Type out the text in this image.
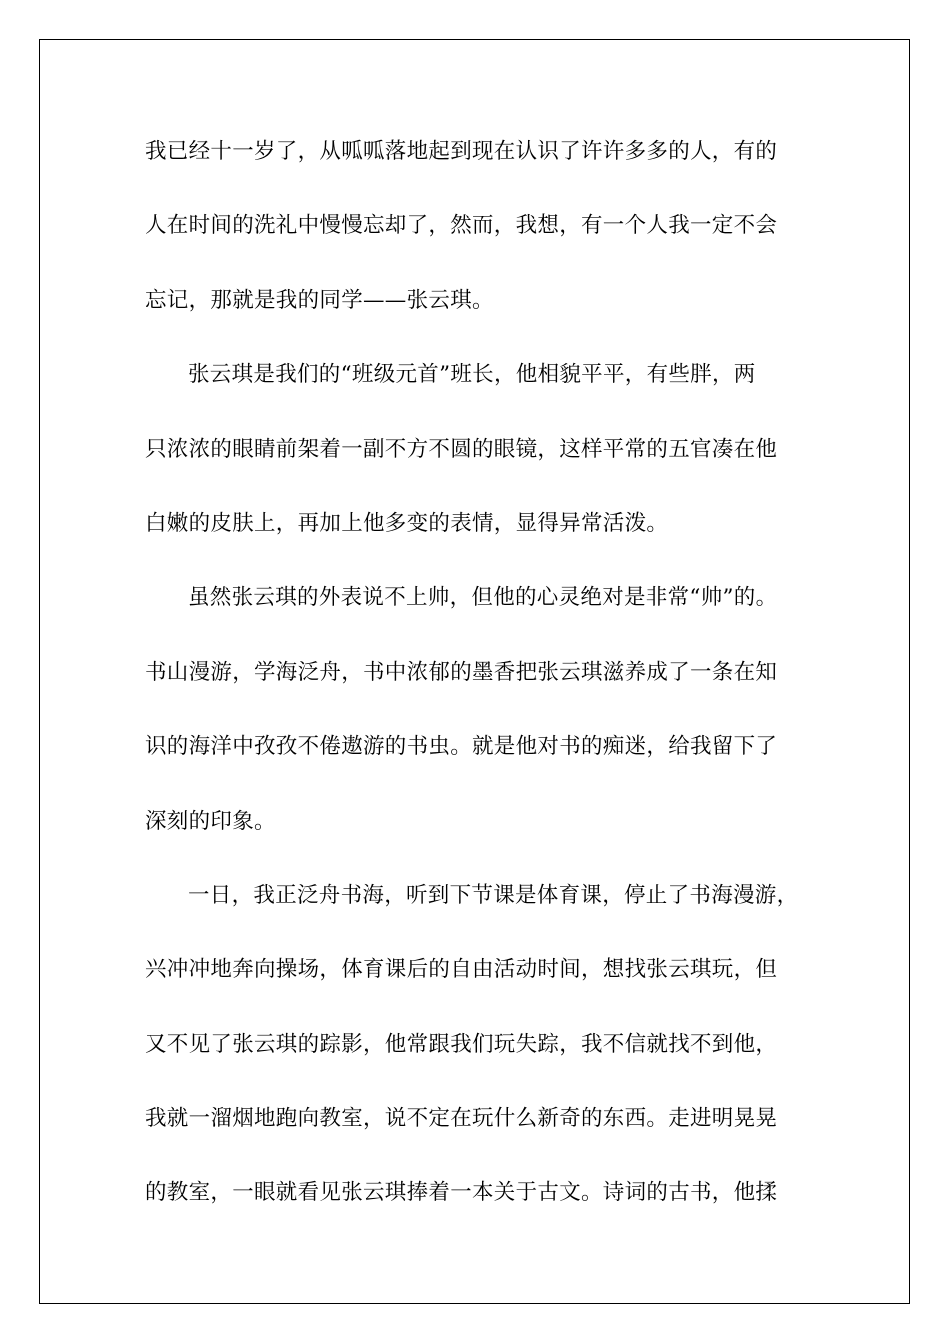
我已经十一岁了，从呱呱落地起到现在认识了许许多多的人，有的
人在时间的洗礼中慢慢忘却了，然而，我想，有一个人我一定不会
忘记，那就是我的同学——张云琪。
张云琪是我们的“班级元首”班长，他相貌平平，有些胖，两
只浓浓的眼睛前架着一副不方不圆的眼镜，这样平常的五官凑在他
白嫩的皮肤上，再加上他多变的表情，显得异常活泼。
虽然张云琪的外表说不上帅，但他的心灵绝对是非常“帅”的。
书山漫游，学海泛舟，书中浓郁的墨香把张云琪滋养成了一条在知
识的海洋中孜孜不倦遨游的书虫。就是他对书的痴迷，给我留下了
深刻的印象。
一日，我正泛舟书海，听到下节课是体育课，停止了书海漫游，
兴冲冲地奔向操场，体育课后的自由活动时间，想找张云琪玩，但
又不见了张云琪的踪影，他常跟我们玩失踪，我不信就找不到他，
我就一溜烟地跑向教室，说不定在玩什么新奇的东西。走进明晃晃
的教室，一眼就看见张云琪捧着一本关于古文。诗词的古书，他揉
